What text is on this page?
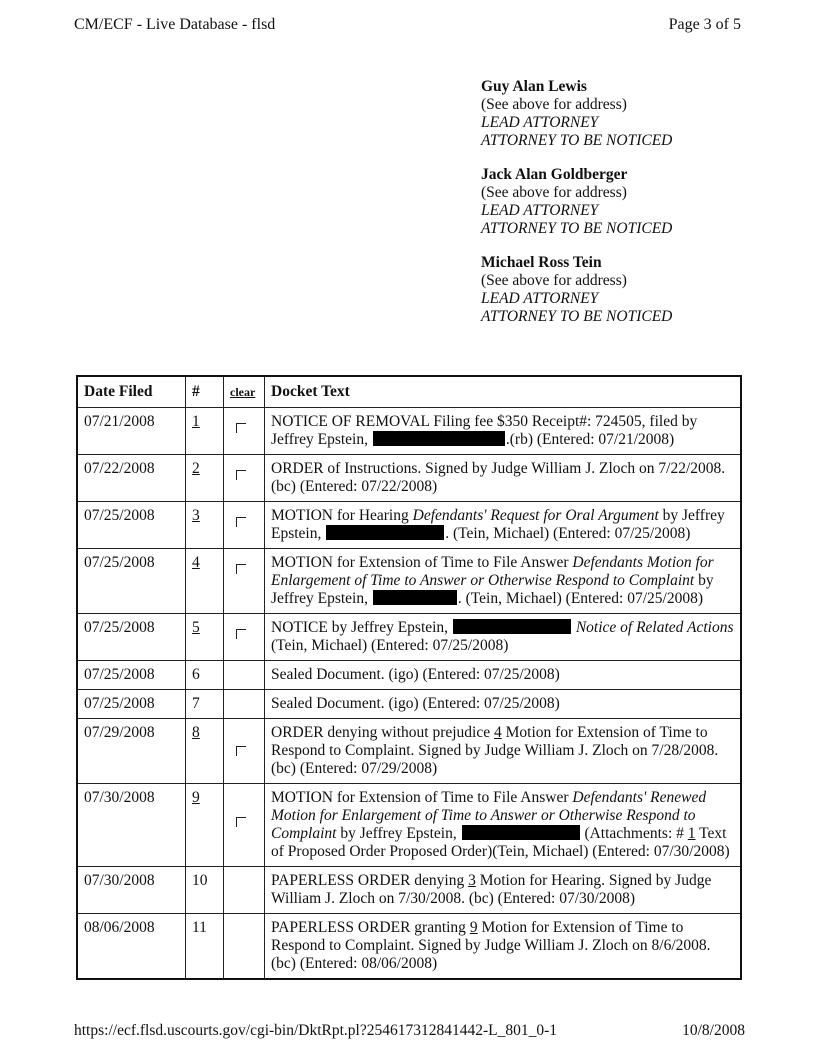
CM/ECF - Live Database - flsd	Page 3 of 5
Guy Alan Lewis
(See above for address)
LEAD ATTORNEY
ATTORNEY TO BE NOTICED
Jack Alan Goldberger
(See above for address)
LEAD ATTORNEY
ATTORNEY TO BE NOTICED
Michael Ross Tein
(See above for address)
LEAD ATTORNEY
ATTORNEY TO BE NOTICED
Date Filed	#	clear	Docket Text
07/21/2008	1		NOTICE OF REMOVAL Filing fee $350 Receipt#: 724505, filed by Jeffrey Epstein, .(rb) (Entered: 07/21/2008)
07/22/2008	2		ORDER of Instructions. Signed by Judge William J. Zloch on 7/22/2008. (bc) (Entered: 07/22/2008)
07/25/2008	3		MOTION for Hearing Defendants' Request for Oral Argument by Jeffrey Epstein, . (Tein, Michael) (Entered: 07/25/2008)
07/25/2008	4		MOTION for Extension of Time to File Answer Defendants Motion for Enlargement of Time to Answer or Otherwise Respond to Complaint by Jeffrey Epstein, . (Tein, Michael) (Entered: 07/25/2008)
07/25/2008	5		NOTICE by Jeffrey Epstein, Notice of Related Actions (Tein, Michael) (Entered: 07/25/2008)
07/25/2008	6		Sealed Document. (igo) (Entered: 07/25/2008)
07/25/2008	7		Sealed Document. (igo) (Entered: 07/25/2008)
07/29/2008	8		ORDER denying without prejudice 4 Motion for Extension of Time to Respond to Complaint. Signed by Judge William J. Zloch on 7/28/2008. (bc) (Entered: 07/29/2008)
07/30/2008	9		MOTION for Extension of Time to File Answer Defendants' Renewed Motion for Enlargement of Time to Answer or Otherwise Respond to Complaint by Jeffrey Epstein, (Attachments: # 1 Text of Proposed Order Proposed Order)(Tein, Michael) (Entered: 07/30/2008)
07/30/2008	10		PAPERLESS ORDER denying 3 Motion for Hearing. Signed by Judge William J. Zloch on 7/30/2008. (bc) (Entered: 07/30/2008)
08/06/2008	11		PAPERLESS ORDER granting 9 Motion for Extension of Time to Respond to Complaint. Signed by Judge William J. Zloch on 8/6/2008. (bc) (Entered: 08/06/2008)
https://ecf.flsd.uscourts.gov/cgi-bin/DktRpt.pl?254617312841442-L_801_0-1	10/8/2008
